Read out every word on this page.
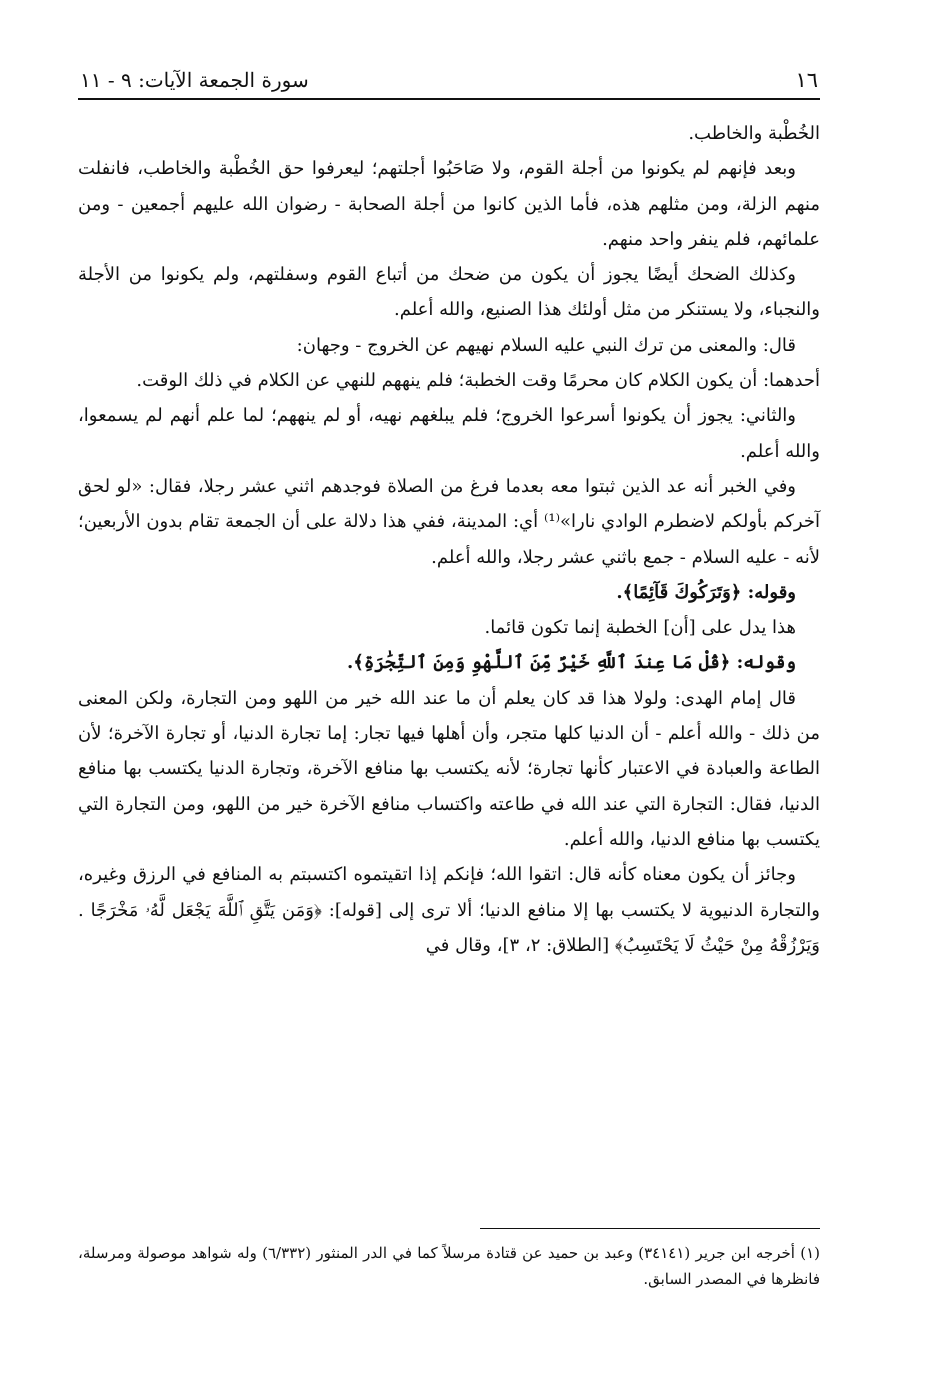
١٦
سورة الجمعة الآيات: ٩ - ١١

الخُطْبة والخاطب.

وبعد فإنهم لم يكونوا من أجلة القوم، ولا صَاحَبُوا أجلتهم؛ ليعرفوا حق الخُطْبة والخاطب، فانفلت منهم الزلة، ومن مثلهم هذه، فأما الذين كانوا من أجلة الصحابة - رضوان الله عليهم أجمعين - ومن علمائهم، فلم ينفر واحد منهم.

وكذلك الضحك أيضًا يجوز أن يكون من ضحك من أتباع القوم وسفلتهم، ولم يكونوا من الأجلة والنجباء، ولا يستنكر من مثل أولئك هذا الصنيع، والله أعلم.

قال: والمعنى من ترك النبي عليه السلام نهيهم عن الخروج - وجهان:

أحدهما: أن يكون الكلام كان محرمًا وقت الخطبة؛ فلم ينههم للنهي عن الكلام في ذلك الوقت.

والثاني: يجوز أن يكونوا أسرعوا الخروج؛ فلم يبلغهم نهيه، أو لم ينههم؛ لما علم أنهم لم يسمعوا، والله أعلم.

وفي الخبر أنه عد الذين ثبتوا معه بعدما فرغ من الصلاة فوجدهم اثني عشر رجلا، فقال: «لو لحق آخركم بأولكم لاضطرم الوادي نارا»⁽¹⁾ أي: المدينة، ففي هذا دلالة على أن الجمعة تقام بدون الأربعين؛ لأنه - عليه السلام - جمع باثني عشر رجلا، والله أعلم.

وقوله: ﴿وَتَرَكُوكَ قَآئِمًا﴾.

هذا يدل على [أن] الخطبة إنما تكون قائما.

وقوله: ﴿قُلْ مَا عِندَ ٱللَّهِ خَيْرٌ مِّنَ ٱللَّهْوِ وَمِنَ ٱلتِّجَٰرَةِ﴾.

قال إمام الهدى: ولولا هذا قد كان يعلم أن ما عند الله خير من اللهو ومن التجارة، ولكن المعنى من ذلك - والله أعلم - أن الدنيا كلها متجر، وأن أهلها فيها تجار: إما تجارة الدنيا، أو تجارة الآخرة؛ لأن الطاعة والعبادة في الاعتبار كأنها تجارة؛ لأنه يكتسب بها منافع الآخرة، وتجارة الدنيا يكتسب بها منافع الدنيا، فقال: التجارة التي عند الله في طاعته واكتساب منافع الآخرة خير من اللهو، ومن التجارة التي يكتسب بها منافع الدنيا، والله أعلم.

وجائز أن يكون معناه كأنه قال: اتقوا الله؛ فإنكم إذا اتقيتموه اكتسبتم به المنافع في الرزق وغيره، والتجارة الدنيوية لا يكتسب بها إلا منافع الدنيا؛ ألا ترى إلى [قوله]: ﴿وَمَن يَتَّقِ ٱللَّهَ يَجْعَل لَّهُۥ مَخْرَجًا . وَيَرْزُقْهُ مِنْ حَيْثُ لَا يَحْتَسِبُ﴾ [الطلاق: ٢، ٣]، وقال في

(١) أخرجه ابن جرير (٣٤١٤١) وعبد بن حميد عن قتادة مرسلاً كما في الدر المنثور (٦/٣٣٢) وله شواهد موصولة ومرسلة، فانظرها في المصدر السابق.
